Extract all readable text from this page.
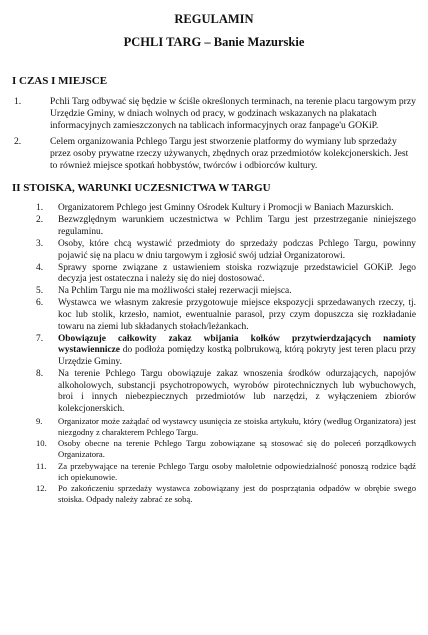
REGULAMIN
PCHLI TARG – Banie Mazurskie
I CZAS I MIEJSCE
1.	Pchli Targ odbywać się będzie w ściśle określonych terminach, na terenie placu targowym przy Urzędzie Gminy, w dniach wolnych od pracy, w godzinach wskazanych na plakatach informacyjnych zamieszczonych na tablicach informacyjnych oraz fanpage'u GOKiP.
2.	Celem organizowania Pchlego Targu jest stworzenie platformy do wymiany lub sprzedaży przez osoby prywatne rzeczy używanych, zbędnych oraz przedmiotów kolekcjonerskich. Jest to również miejsce spotkań hobbystów, twórców i odbiorców kultury.
II STOISKA, WARUNKI UCZESNICTWA W TARGU
1. Organizatorem Pchlego jest Gminny Ośrodek Kultury i Promocji w Baniach Mazurskich.
2. Bezwzględnym warunkiem uczestnictwa w Pchlim Targu jest przestrzeganie niniejszego regulaminu.
3. Osoby, które chcą wystawić przedmioty do sprzedaży podczas Pchlego Targu, powinny pojawić się na placu w dniu targowym i zgłosić swój udział Organizatorowi.
4. Sprawy sporne związane z ustawieniem stoiska rozwiązuje przedstawiciel GOKiP. Jego decyzja jest ostateczna i należy się do niej dostosować.
5. Na Pchlim Targu nie ma możliwości stałej rezerwacji miejsca.
6. Wystawca we własnym zakresie przygotowuje miejsce ekspozycji sprzedawanych rzeczy, tj. koc lub stolik, krzesło, namiot, ewentualnie parasol, przy czym dopuszcza się rozkładanie towaru na ziemi lub składanych stołach/leżankach.
7. Obowiązuje całkowity zakaz wbijania kołków przytwierdzających namioty wystawiennicze do podłoża pomiędzy kostką polbrukową, którą pokryty jest teren placu przy Urzędzie Gminy.
8. Na terenie Pchlego Targu obowiązuje zakaz wnoszenia środków odurzających, napojów alkoholowych, substancji psychotropowych, wyrobów pirotechnicznych lub wybuchowych, broi i innych niebezpiecznych przedmiotów lub narzędzi, z wyłączeniem zbiorów kolekcjonerskich.
9. Organizator może zażądać od wystawcy usunięcia ze stoiska artykułu, który (według Organizatora) jest niezgodny z charakterem Pchlego Targu.
10. Osoby obecne na terenie Pchlego Targu zobowiązane są stosować się do poleceń porządkowych Organizatora.
11. Za przebywające na terenie Pchlego Targu osoby małoletnie odpowiedzialność ponoszą rodzice bądź ich opiekunowie.
12. Po zakończeniu sprzedaży wystawca zobowiązany jest do posprzątania odpadów w obrębie swego stoiska. Odpady należy zabrać ze sobą.
